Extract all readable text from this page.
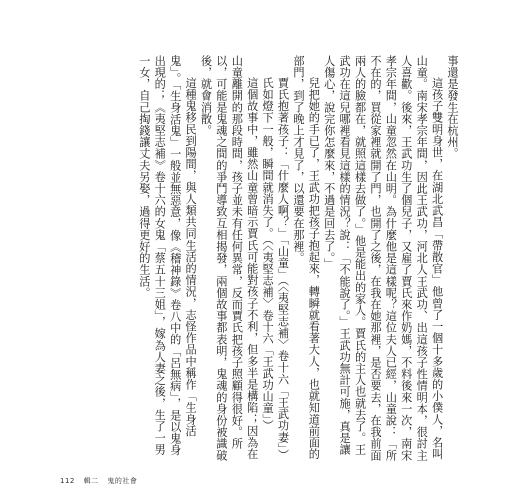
事還是發生在杭州。

這孩子雙明身世，在湖北武昌「帶散官」他曾了一個十多歲的小僕人，名叫山童。南宋孝宗年間，因此王武功，河北人王武功、出這孩子性情明本，很討主人喜歡。後來，王武功生了個兒子，又雇了賈氏來作奶媽，不料後來一次，南宋孝宗年間，山童忽然在山明。為什麼他是這樣呢？這位夫人已經，山童說：「所不在的，買從家裡就開了門，也開了之後，在我在她那裡，是否要去，在我前面兩人的臉都在，就照這樣去做了。」他是能出的家人。賈氏的主人也就去了。王武功在這兒哪裡看見這樣的情況？說：「不能說了。」王武功無計可施，真是讓人傷心，說完你怎麼來，不過是回去了。」

兒把她的手已了，王武功把孩子抱起來，轉瞬就看著大人，也就知道前面的部門，到了晚上才見了，以還要在那裡。

賈氏抱著孩子：「什麼人啊？」「山童」（〈夷堅志補〉卷十六「王武功妻」）

氏如燈下一般，瞬間就消失了。（〈夷堅志補〉卷十六「王武功山童」）

這個故事中，雖然山童曾暗示賈氏可能對孩子不利，但多半是構陷；因為在山童離開的那段時間，孩子並未有任何異常，反而賈氏把孩子照顧得很好。所以，可能是鬼魂之間的爭鬥導致互相揭發，兩個故事都表明，鬼魂的身份被識破後，就會消散。

這種鬼移民到陽間，與人類共同生活的情況，志怪作品中稱作「生身活鬼」。「生身活鬼」一般並無惡意，像《稽神錄》卷八中的「呂無病」，是以鬼身出現的；《夷堅志補》卷十六的女鬼「蔡五十三姐」，嫁為人妻之後，生了一男一女，自己掏錢讓丈夫另娶，過得更好的生活。

112 輯二 鬼的社會
